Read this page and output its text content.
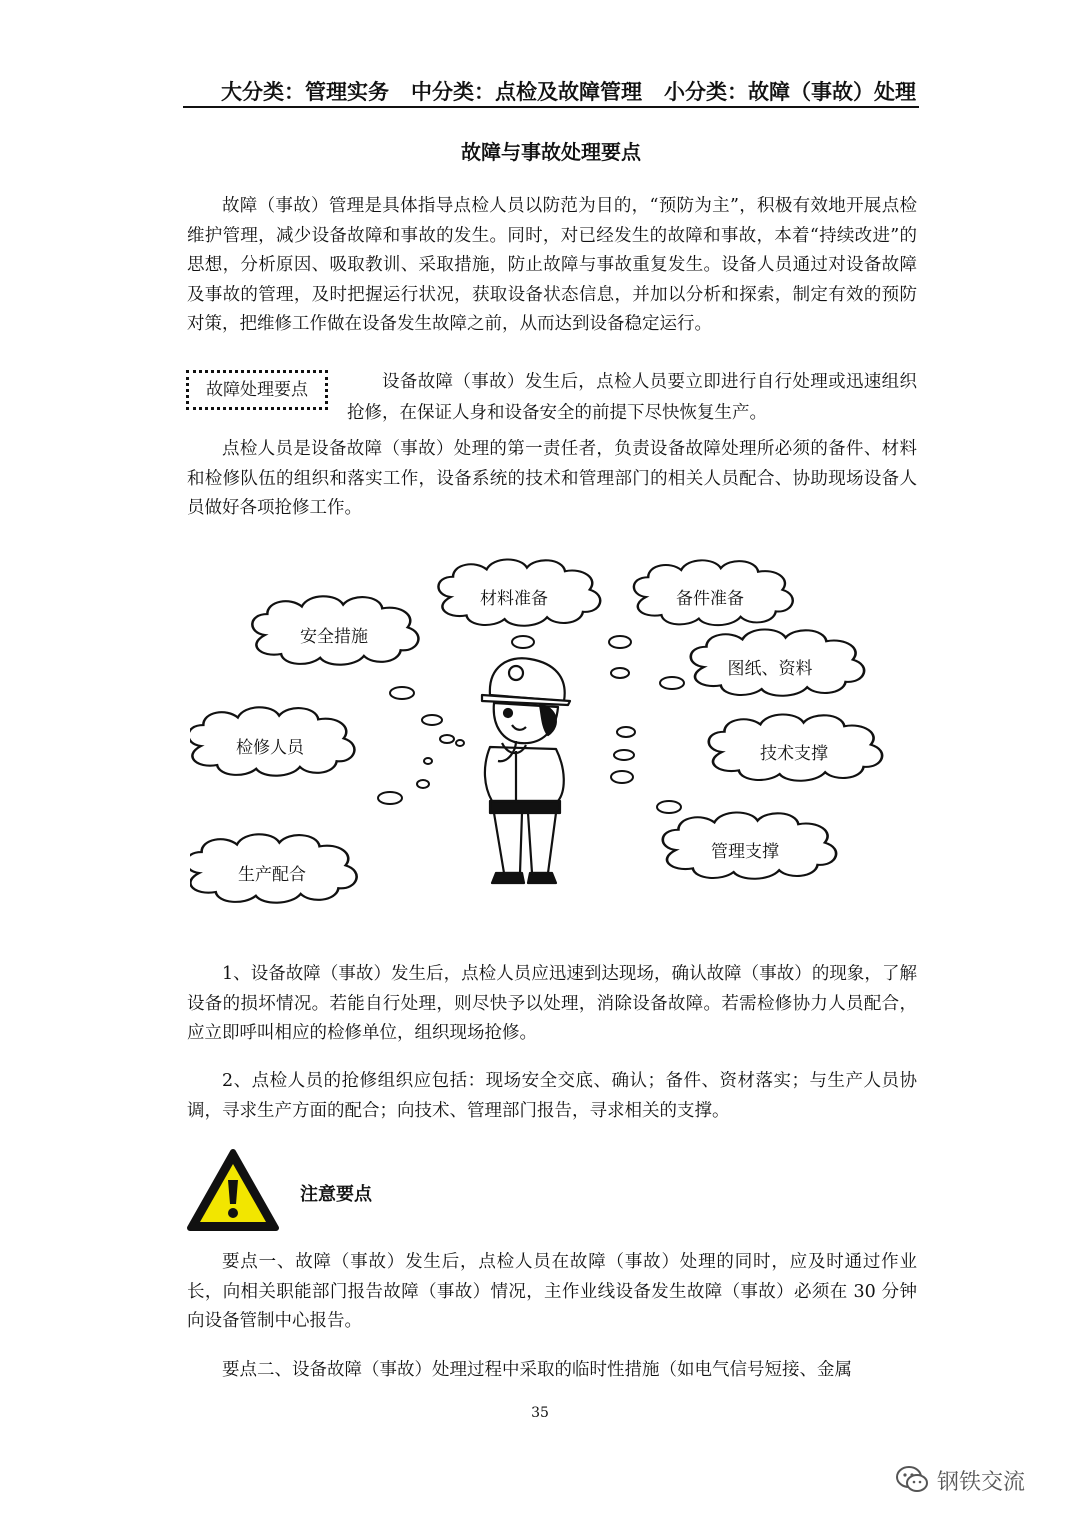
大分类：管理实务 中分类：点检及故障管理 小分类：故障（事故）处理
故障与事故处理要点

故障（事故）管理是具体指导点检人员以防范为目的，“预防为主”，积极有效地开展点检维护管理，减少设备故障和事故的发生。同时，对已经发生的故障和事故，本着“持续改进”的思想，分析原因、吸取教训、采取措施，防止故障与事故重复发生。设备人员通过对设备故障及事故的管理，及时把握运行状况，获取设备状态信息，并加以分析和探索，制定有效的预防对策，把维修工作做在设备发生故障之前，从而达到设备稳定运行。

故障处理要点	设备故障（事故）发生后，点检人员要立即进行自行处理或迅速组织抢修，在保证人身和设备安全的前提下尽快恢复生产。

点检人员是设备故障（事故）处理的第一责任者，负责设备故障处理所必须的备件、材料和检修队伍的组织和落实工作，设备系统的技术和管理部门的相关人员配合、协助现场设备人员做好各项抢修工作。

材料准备	备件准备
安全措施
图纸、资料
检修人员	技术支撑
生产配合
管理支撑

1、设备故障（事故）发生后，点检人员应迅速到达现场，确认故障（事故）的现象，了解设备的损坏情况。若能自行处理，则尽快予以处理，消除设备故障。若需检修协力人员配合，应立即呼叫相应的检修单位，组织现场抢修。

2、点检人员的抢修组织应包括：现场安全交底、确认；备件、资材落实；与生产人员协调，寻求生产方面的配合；向技术、管理部门报告，寻求相关的支撑。

注意要点

要点一、故障（事故）发生后，点检人员在故障（事故）处理的同时，应及时通过作业长，向相关职能部门报告故障（事故）情况，主作业线设备发生故障（事故）必须在 30 分钟向设备管制中心报告。

要点二、设备故障（事故）处理过程中采取的临时性措施（如电气信号短接、金属

35
钢铁交流
